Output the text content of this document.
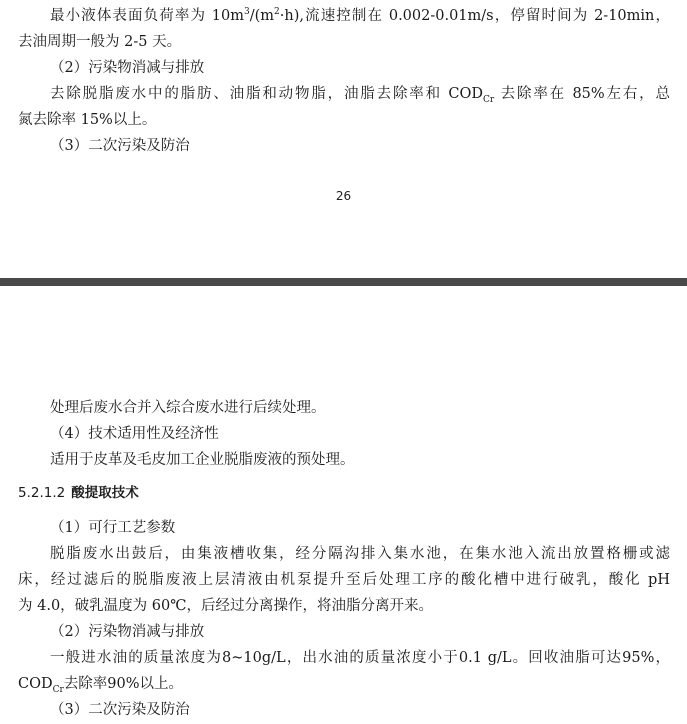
最小液体表面负荷率为 $10m^3/(m^2\cdot h)$,流速控制在 0.002-0.01m/s，停留时间为 2-10min，
去油周期一般为 2-5 天。
（2）污染物消减与排放
去除脱脂废水中的脂肪、油脂和动物脂，油脂去除率和 $COD_{Cr}$ 去除率在 85%左右，总
氮去除率 15%以上。
（3）二次污染及防治
26
处理后废水合并入综合废水进行后续处理。
（4）技术适用性及经济性
适用于皮革及毛皮加工企业脱脂废液的预处理。
5.2.1.2 酸提取技术
（1）可行工艺参数
脱脂废水出鼓后，由集液槽收集，经分隔沟排入集水池，在集水池入流出放置格栅或滤
床，经过滤后的脱脂废液上层清液由机泵提升至后处理工序的酸化槽中进行破乳，酸化 pH
为 4.0，破乳温度为 60℃，后经过分离操作，将油脂分离开来。
（2）污染物消减与排放
一般进水油的质量浓度为8~10g/L，出水油的质量浓度小于0.1 g/L。回收油脂可达95%，
$COD_{Cr}$去除率90%以上。
（3）二次污染及防治
